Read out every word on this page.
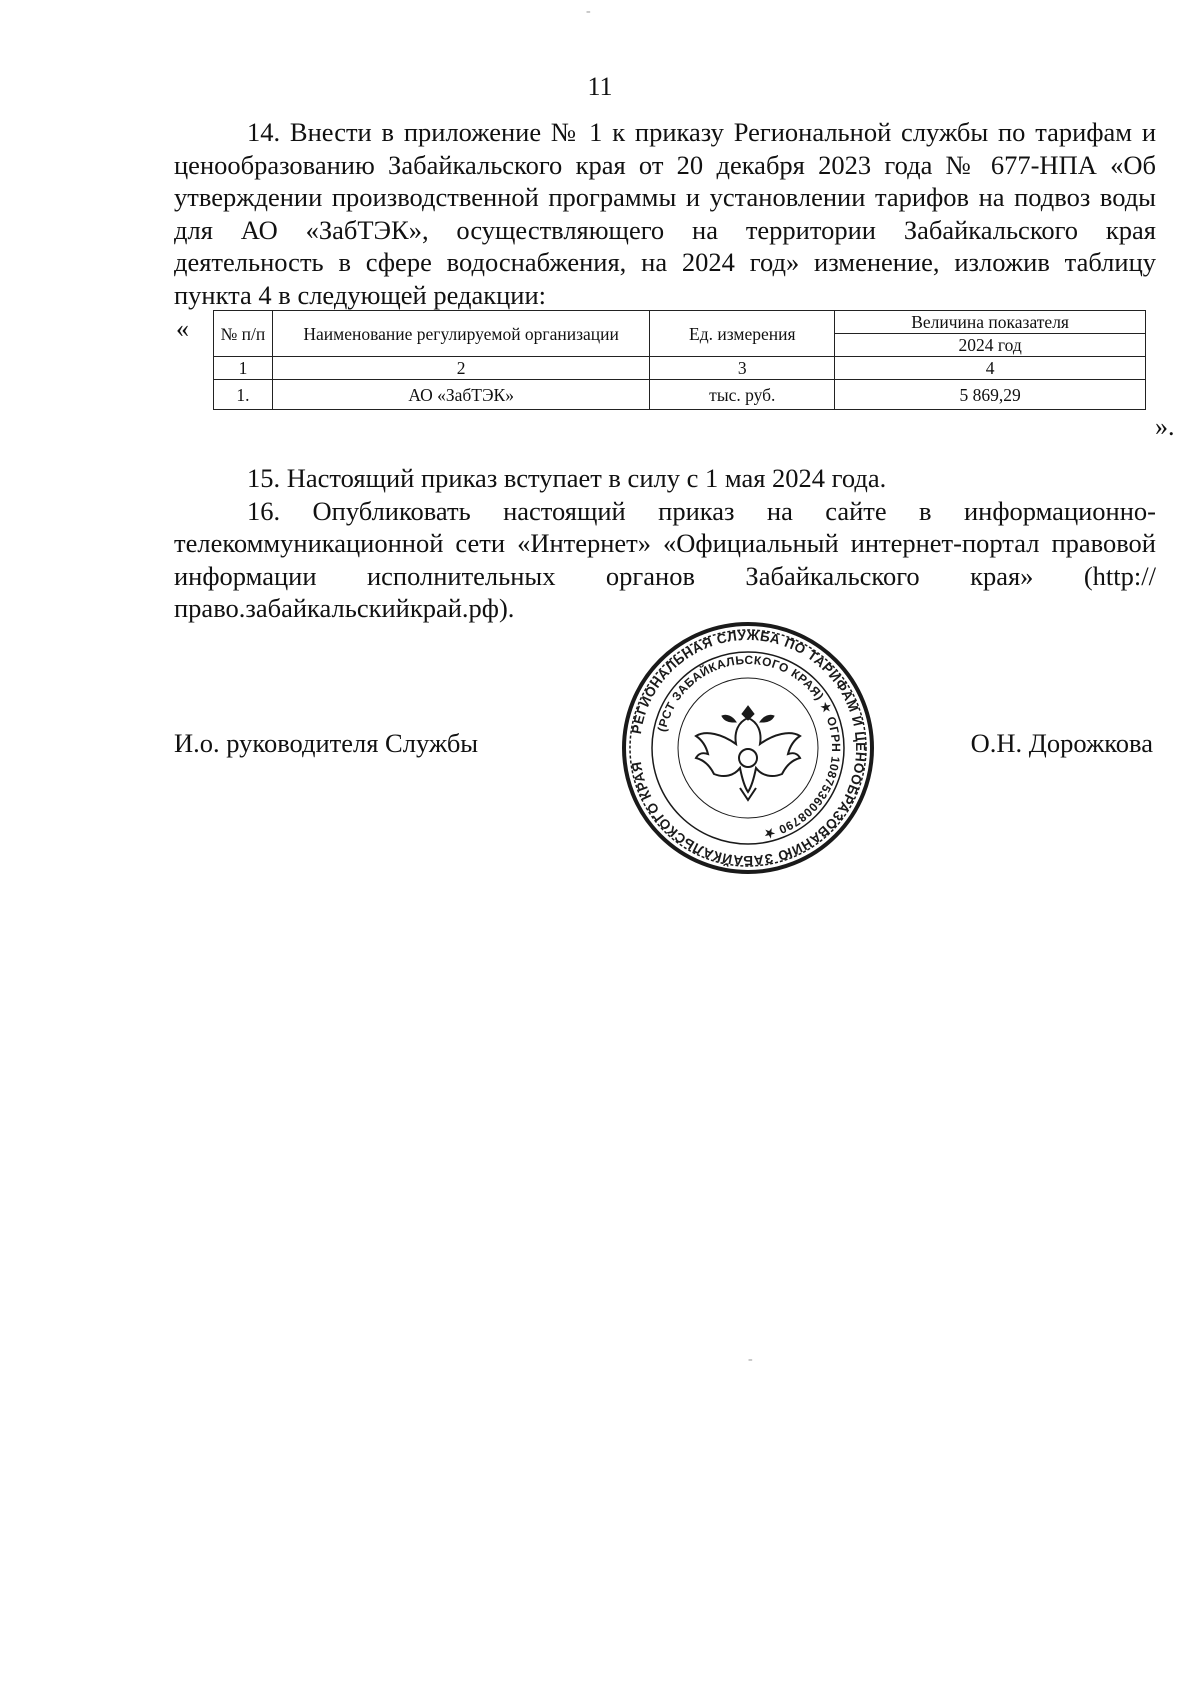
-
11

14. Внести в приложение № 1 к приказу Региональной службы по тарифам и ценообразованию Забайкальского края от 20 декабря 2023 года № 677-НПА «Об утверждении производственной программы и установлении тарифов на подвоз воды для АО «ЗабТЭК», осуществляющего на территории Забайкальского края деятельность в сфере водоснабжения, на 2024 год» изменение, изложив таблицу пункта 4 в следующей редакции:

« № п/п	Наименование регулируемой организации	Ед. измерения	Величина показателя
			2024 год
1	2	3	4
1.	АО «ЗабТЭК»	тыс. руб.	5 869,29
».

15. Настоящий приказ вступает в силу с 1 мая 2024 года.

16. Опубликовать настоящий приказ на сайте в информационно-телекоммуникационной сети «Интернет» «Официальный интернет-портал правовой информации исполнительных органов Забайкальского края» (http://право.забайкальскийкрай.рф).

И.о. руководителя Службы	О.Н. Дорожкова
РЕГИОНАЛЬНАЯ СЛУЖБА ПО ТАРИФАМ И ЦЕНООБРАЗОВАНИЮ ЗАБАЙКАЛЬСКОГО КРАЯ
(РСТ ЗАБАЙКАЛЬСКОГО КРАЯ) ★ ОГРН 1087536008790 ★
-
